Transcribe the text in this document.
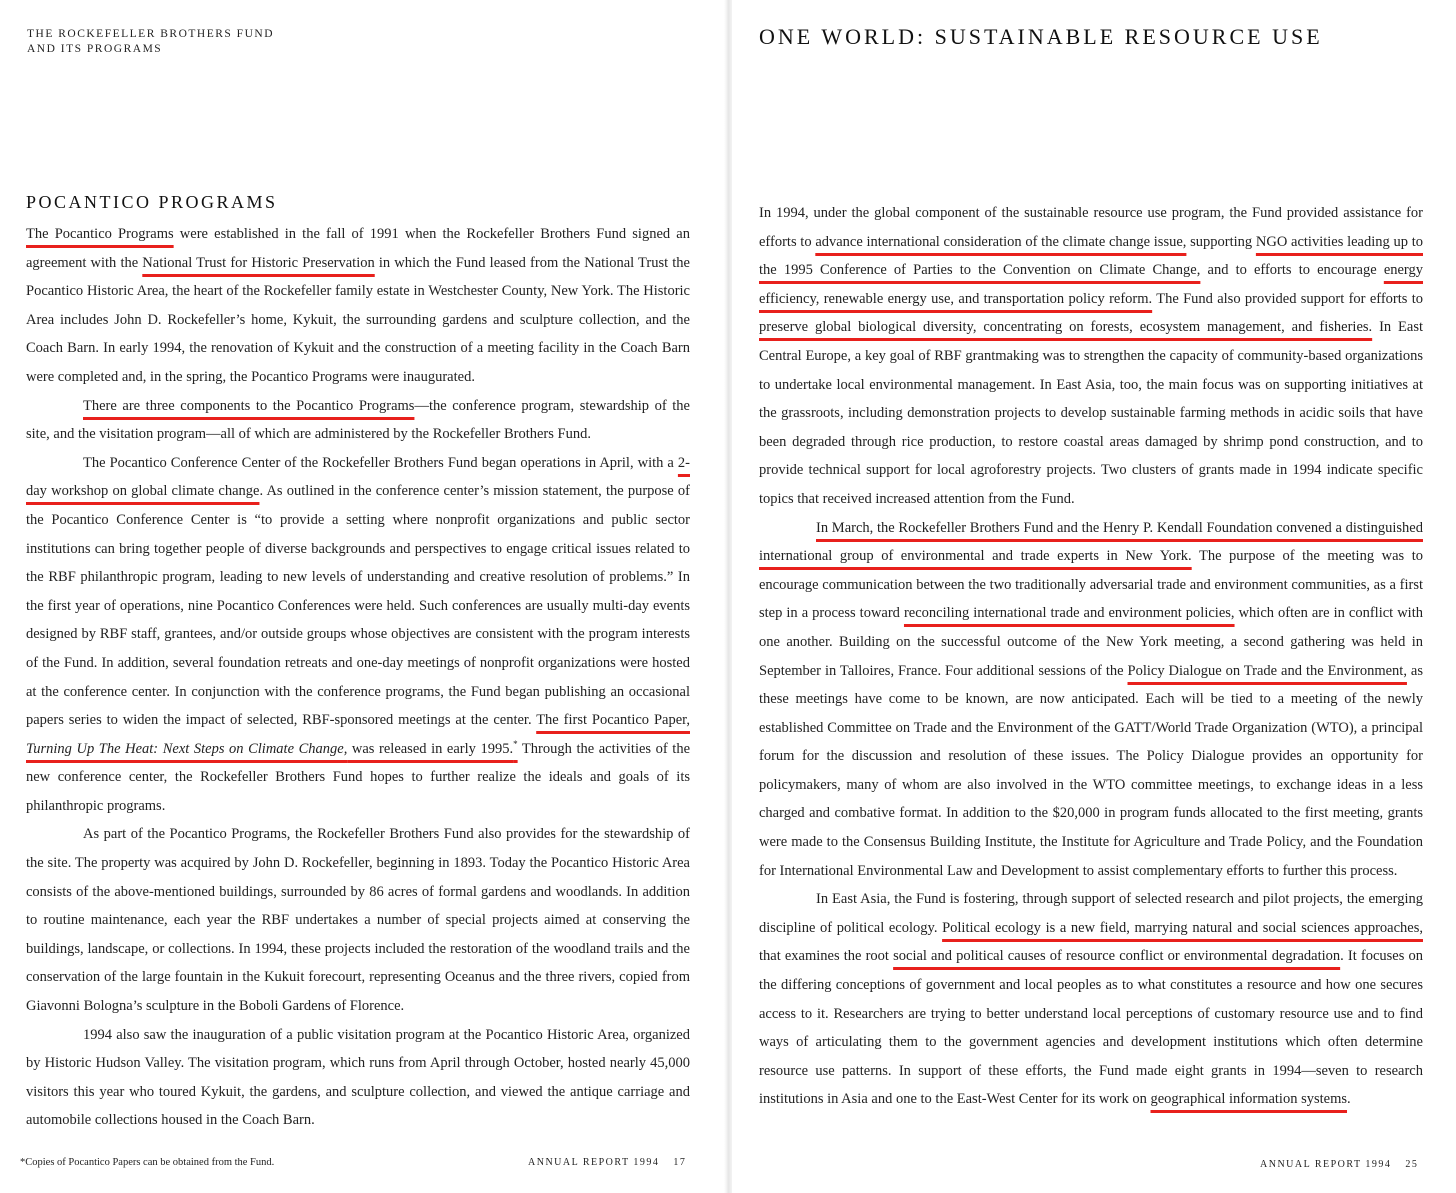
THE ROCKEFELLER BROTHERS FUND
AND ITS PROGRAMS
POCANTICO PROGRAMS

The Pocantico Programs were established in the fall of 1991 when the Rockefeller Brothers Fund signed an agreement with the National Trust for Historic Preservation in which the Fund leased from the National Trust the Pocantico Historic Area, the heart of the Rockefeller family estate in Westchester County, New York. The Historic Area includes John D. Rockefeller’s home, Kykuit, the surrounding gardens and sculpture collection, and the Coach Barn. In early 1994, the renovation of Kykuit and the construction of a meeting facility in the Coach Barn were completed and, in the spring, the Pocantico Programs were inaugurated.

There are three components to the Pocantico Programs—the conference program, stewardship of the site, and the visitation program—all of which are administered by the Rockefeller Brothers Fund.

The Pocantico Conference Center of the Rockefeller Brothers Fund began operations in April, with a 2-day workshop on global climate change. As outlined in the conference center’s mission statement, the purpose of the Pocantico Conference Center is “to provide a setting where nonprofit organizations and public sector institutions can bring together people of diverse backgrounds and perspectives to engage critical issues related to the RBF philanthropic program, leading to new levels of understanding and creative resolution of problems.” In the first year of operations, nine Pocantico Conferences were held. Such conferences are usually multi-day events designed by RBF staff, grantees, and/or outside groups whose objectives are consistent with the program interests of the Fund. In addition, several foundation retreats and one-day meetings of nonprofit organizations were hosted at the conference center. In conjunction with the conference programs, the Fund began publishing an occasional papers series to widen the impact of selected, RBF-sponsored meetings at the center. The first Pocantico Paper, Turning Up The Heat: Next Steps on Climate Change, was released in early 1995.* Through the activities of the new conference center, the Rockefeller Brothers Fund hopes to further realize the ideals and goals of its philanthropic programs.

As part of the Pocantico Programs, the Rockefeller Brothers Fund also provides for the stewardship of the site. The property was acquired by John D. Rockefeller, beginning in 1893. Today the Pocantico Historic Area consists of the above-mentioned buildings, surrounded by 86 acres of formal gardens and woodlands. In addition to routine maintenance, each year the RBF undertakes a number of special projects aimed at conserving the buildings, landscape, or collections. In 1994, these projects included the restoration of the woodland trails and the conservation of the large fountain in the Kukuit forecourt, representing Oceanus and the three rivers, copied from Giavonni Bologna’s sculpture in the Boboli Gardens of Florence.

1994 also saw the inauguration of a public visitation program at the Pocantico Historic Area, organized by Historic Hudson Valley. The visitation program, which runs from April through October, hosted nearly 45,000 visitors this year who toured Kykuit, the gardens, and sculpture collection, and viewed the antique carriage and automobile collections housed in the Coach Barn.

*Copies of Pocantico Papers can be obtained from the Fund.	ANNUAL REPORT 1994 17
ONE WORLD: SUSTAINABLE RESOURCE USE

In 1994, under the global component of the sustainable resource use program, the Fund provided assistance for efforts to advance international consideration of the climate change issue, supporting NGO activities leading up to the 1995 Conference of Parties to the Convention on Climate Change, and to efforts to encourage energy efficiency, renewable energy use, and transportation policy reform. The Fund also provided support for efforts to preserve global biological diversity, concentrating on forests, ecosystem management, and fisheries. In East Central Europe, a key goal of RBF grantmaking was to strengthen the capacity of community-based organizations to undertake local environmental management. In East Asia, too, the main focus was on supporting initiatives at the grassroots, including demonstration projects to develop sustainable farming methods in acidic soils that have been degraded through rice production, to restore coastal areas damaged by shrimp pond construction, and to provide technical support for local agroforestry projects. Two clusters of grants made in 1994 indicate specific topics that received increased attention from the Fund.

In March, the Rockefeller Brothers Fund and the Henry P. Kendall Foundation convened a distinguished international group of environmental and trade experts in New York. The purpose of the meeting was to encourage communication between the two traditionally adversarial trade and environment communities, as a first step in a process toward reconciling international trade and environment policies, which often are in conflict with one another. Building on the successful outcome of the New York meeting, a second gathering was held in September in Talloires, France. Four additional sessions of the Policy Dialogue on Trade and the Environment, as these meetings have come to be known, are now anticipated. Each will be tied to a meeting of the newly established Committee on Trade and the Environment of the GATT/World Trade Organization (WTO), a principal forum for the discussion and resolution of these issues. The Policy Dialogue provides an opportunity for policymakers, many of whom are also involved in the WTO committee meetings, to exchange ideas in a less charged and combative format. In addition to the $20,000 in program funds allocated to the first meeting, grants were made to the Consensus Building Institute, the Institute for Agriculture and Trade Policy, and the Foundation for International Environmental Law and Development to assist complementary efforts to further this process.

In East Asia, the Fund is fostering, through support of selected research and pilot projects, the emerging discipline of political ecology. Political ecology is a new field, marrying natural and social sciences approaches, that examines the root social and political causes of resource conflict or environmental degradation. It focuses on the differing conceptions of government and local peoples as to what constitutes a resource and how one secures access to it. Researchers are trying to better understand local perceptions of customary resource use and to find ways of articulating them to the government agencies and development institutions which often determine resource use patterns. In support of these efforts, the Fund made eight grants in 1994—seven to research institutions in Asia and one to the East-West Center for its work on geographical information systems.

ANNUAL REPORT 1994 25
